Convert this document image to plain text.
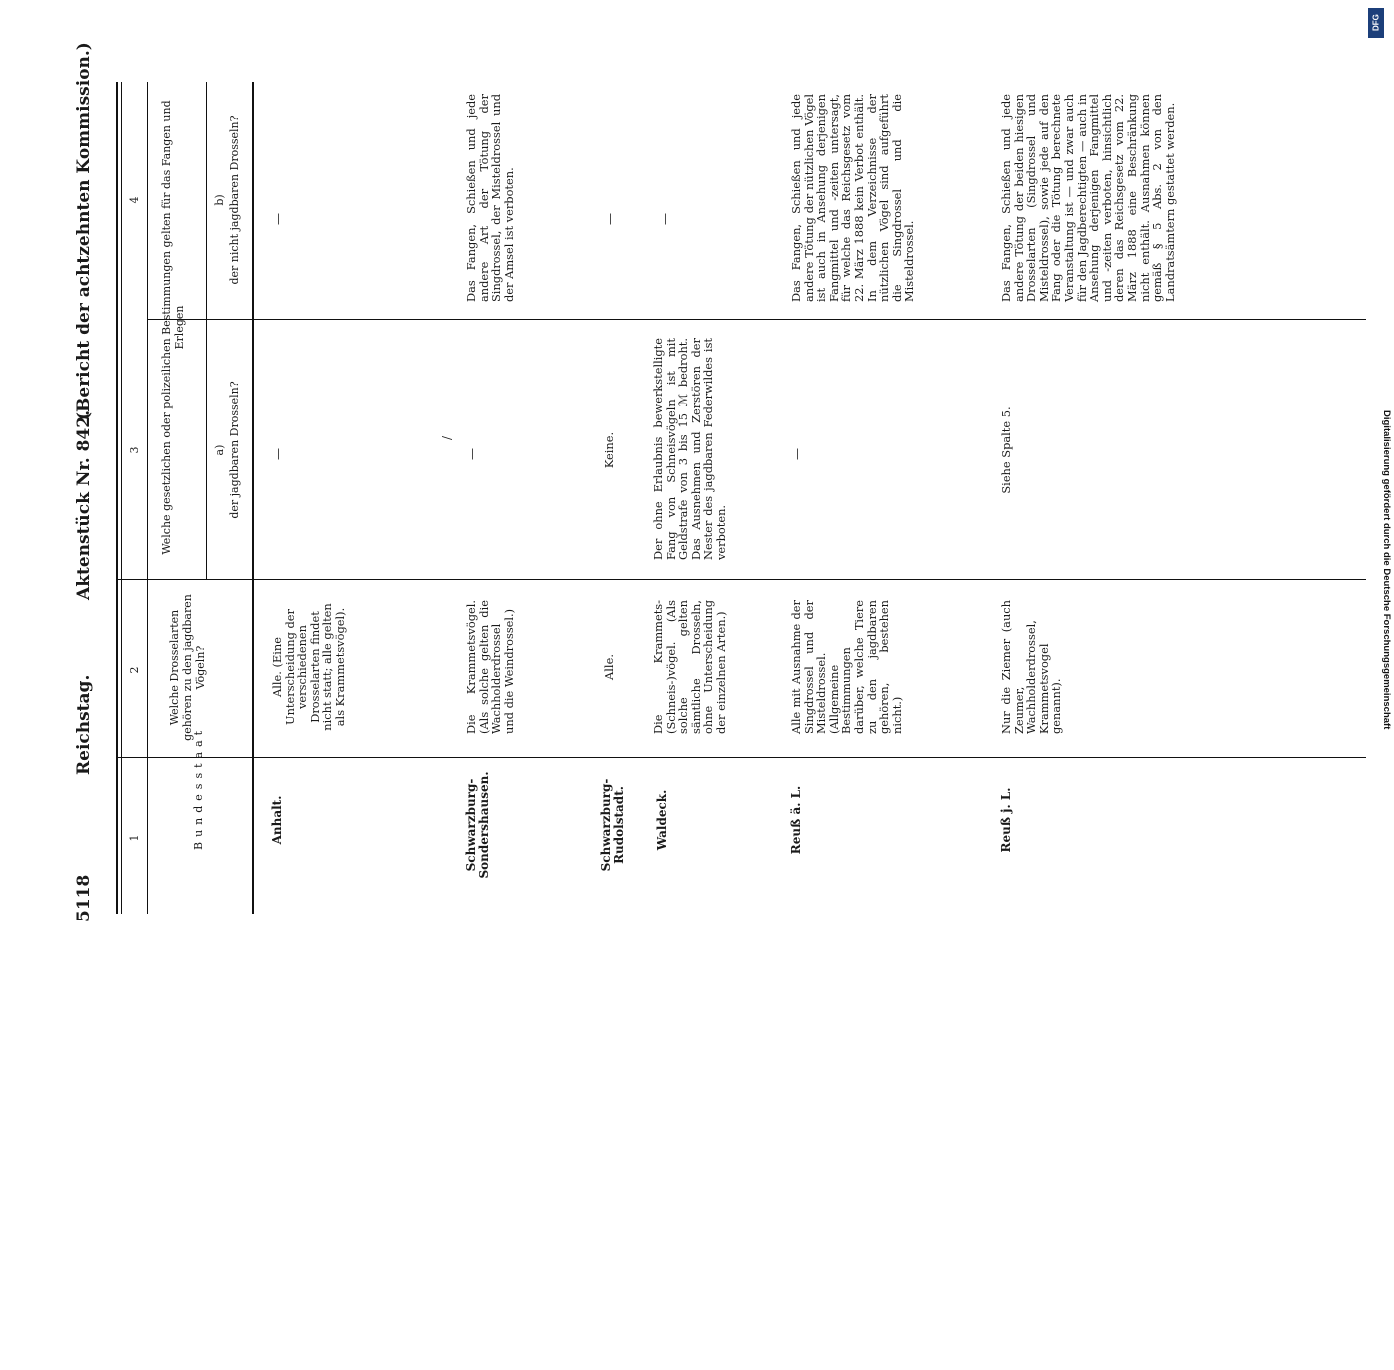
5118
Reichstag.
Aktenstück Nr. 842.
(Bericht der achtzehnten Kommission.)
1
2
3
4
Bundesstaat
Welche Drosselarten gehören zu den jagdbaren Vögeln?
Welche gesetzlichen oder polizeilichen Bestimmungen gelten für das Fangen und Erlegen
a) der jagdbaren Drosseln?
b) der nicht jagdbaren Drosseln?
Anhalt.
Alle. (Eine Unterscheidung der verschiedenen Drosselarten findet nicht statt; alle gelten als Krammetsvögel).
—
—
Schwarzburg-Sondershausen.
Die Krammetsvögel. (Als solche gelten die Wachholderdrossel und die Weindrossel.)
—
/
Das Fangen, Schießen und jede andere Art der Tötung der Singdrossel, der Misteldrossel und der Amsel ist verboten.
Schwarzburg-Rudolstadt.
Alle.
Keine.
—
Waldeck.
Die Krammets- (Schneis-)vögel. (Als solche gelten sämtliche Drosseln, ohne Unterscheidung der einzelnen Arten.)
Der ohne Erlaubnis bewerkstelligte Fang von Schneisvögeln ist mit Geldstrafe von 3 bis 15 ℳ bedroht. Das Ausnehmen und Zerstören der Nester des jagdbaren Federwildes ist verboten.
—
Reuß ä. L.
Alle mit Ausnahme der Singdrossel und der Misteldrossel. (Allgemeine Bestimmungen darüber, welche Tiere zu den jagdbaren gehören, bestehen nicht.)
—
Das Fangen, Schießen und jede andere Tötung der nützlichen Vögel ist auch in Ansehung derjenigen Fangmittel und -zeiten untersagt, für welche das Reichsgesetz vom 22. März 1888 kein Verbot enthält. In dem Verzeichnisse der nützlichen Vögel sind aufgeführt die Singdrossel und die Misteldrossel.
Reuß j. L.
Nur die Ziemer (auch Zeumer, Wachholderdrossel, Krammetsvogel genannt).
Siehe Spalte 5.
Das Fangen, Schießen und jede andere Tötung der beiden hiesigen Drosselarten (Singdrossel und Misteldrossel), sowie jede auf den Fang oder die Tötung berechnete Veranstaltung ist — und zwar auch für den Jagdberechtigten — auch in Ansehung derjenigen Fangmittel und -zeiten verboten, hinsichtlich deren das Reichsgesetz vom 22. März 1888 eine Beschränkung nicht enthält. Ausnahmen können gemäß § 5 Abs. 2 von den Landratsämtern gestattet werden.
DFG
Digitalisierung gefördert durch die Deutsche Forschungsgemeinschaft
